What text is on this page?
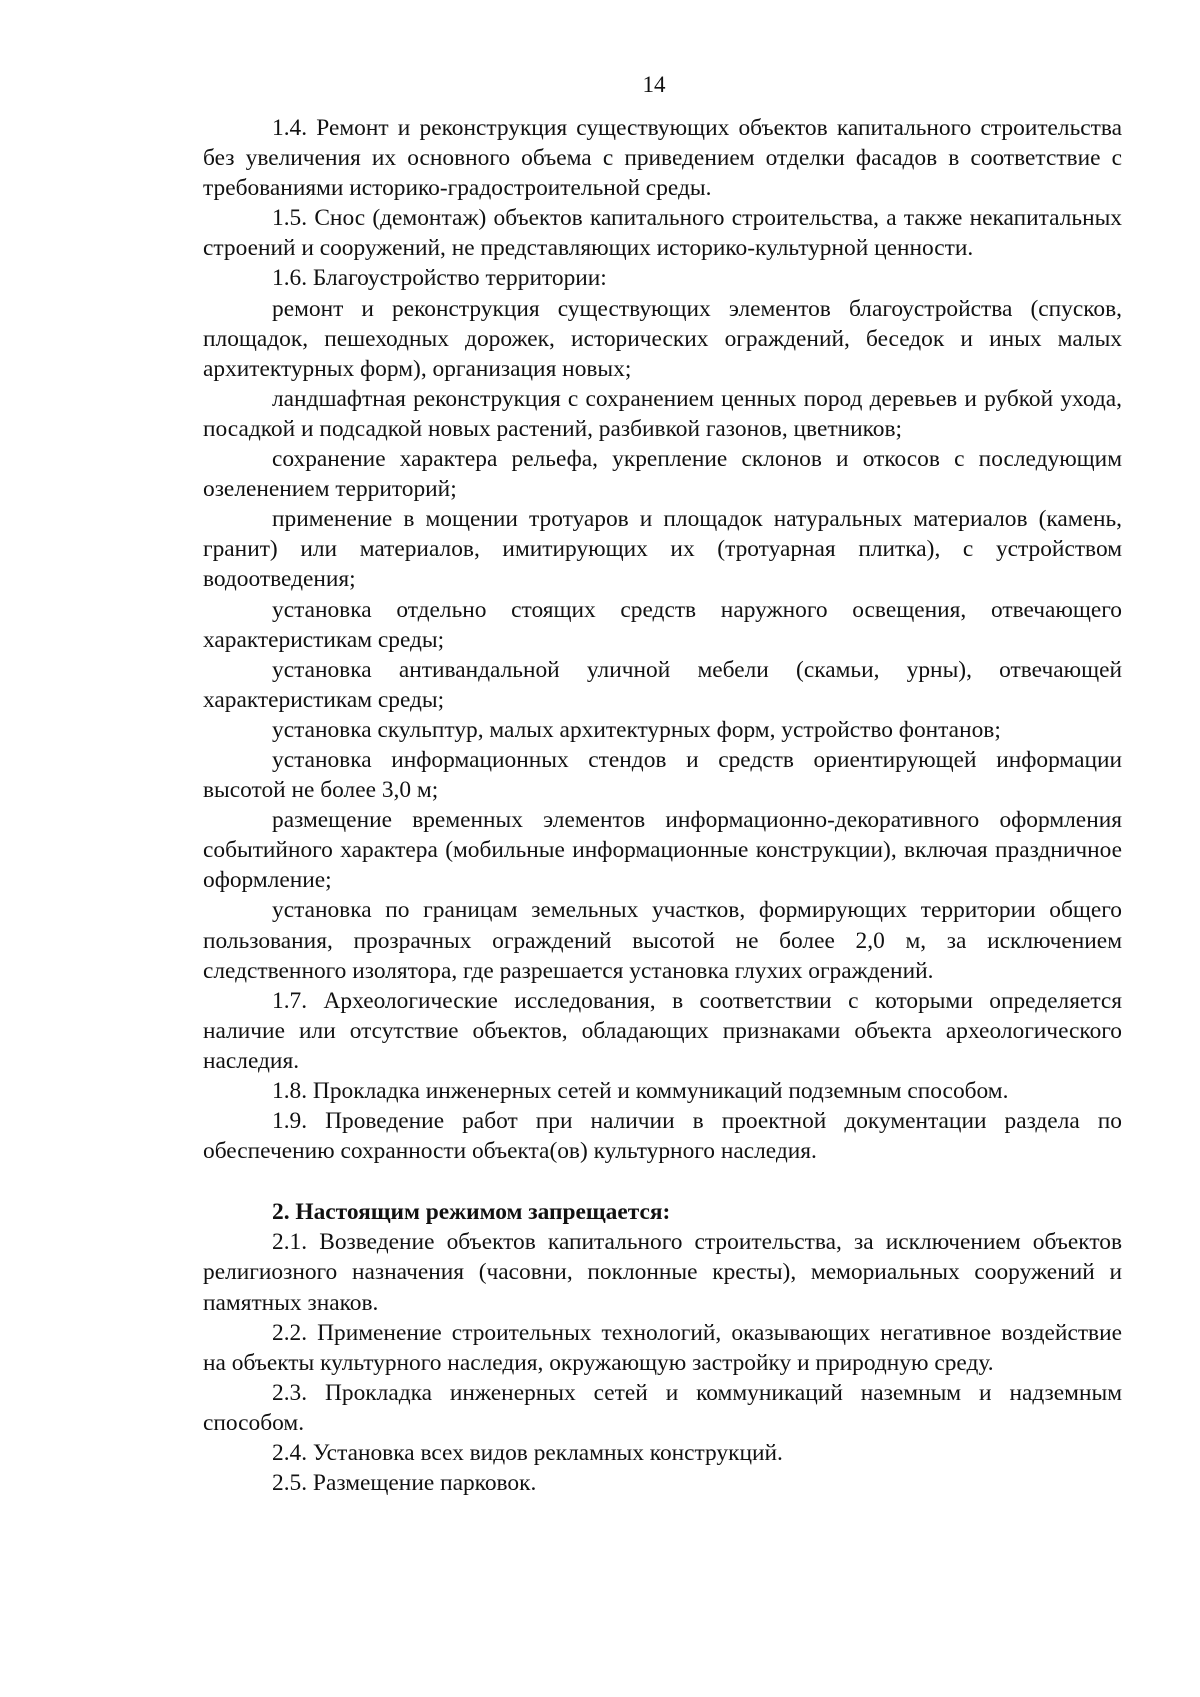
14

1.4. Ремонт и реконструкция существующих объектов капитального строительства без увеличения их основного объема с приведением отделки фасадов в соответствие с требованиями историко-градостроительной среды.

1.5. Снос (демонтаж) объектов капитального строительства, а также некапитальных строений и сооружений, не представляющих историко-культурной ценности.

1.6. Благоустройство территории:

ремонт и реконструкция существующих элементов благоустройства (спусков, площадок, пешеходных дорожек, исторических ограждений, беседок и иных малых архитектурных форм), организация новых;

ландшафтная реконструкция с сохранением ценных пород деревьев и рубкой ухода, посадкой и подсадкой новых растений, разбивкой газонов, цветников;

сохранение характера рельефа, укрепление склонов и откосов с последующим озеленением территорий;

применение в мощении тротуаров и площадок натуральных материалов (камень, гранит) или материалов, имитирующих их (тротуарная плитка), с устройством водоотведения;

установка отдельно стоящих средств наружного освещения, отвечающего характеристикам среды;

установка антивандальной уличной мебели (скамьи, урны), отвечающей характеристикам среды;

установка скульптур, малых архитектурных форм, устройство фонтанов;

установка информационных стендов и средств ориентирующей информации высотой не более 3,0 м;

размещение временных элементов информационно-декоративного оформления событийного характера (мобильные информационные конструкции), включая праздничное оформление;

установка по границам земельных участков, формирующих территории общего пользования, прозрачных ограждений высотой не более 2,0 м, за исключением следственного изолятора, где разрешается установка глухих ограждений.

1.7. Археологические исследования, в соответствии с которыми определяется наличие или отсутствие объектов, обладающих признаками объекта археологического наследия.

1.8. Прокладка инженерных сетей и коммуникаций подземным способом.

1.9. Проведение работ при наличии в проектной документации раздела по обеспечению сохранности объекта(ов) культурного наследия.

2. Настоящим режимом запрещается:

2.1. Возведение объектов капитального строительства, за исключением объектов религиозного назначения (часовни, поклонные кресты), мемориальных сооружений и памятных знаков.

2.2. Применение строительных технологий, оказывающих негативное воздействие на объекты культурного наследия, окружающую застройку и природную среду.

2.3. Прокладка инженерных сетей и коммуникаций наземным и надземным способом.

2.4. Установка всех видов рекламных конструкций.

2.5. Размещение парковок.
